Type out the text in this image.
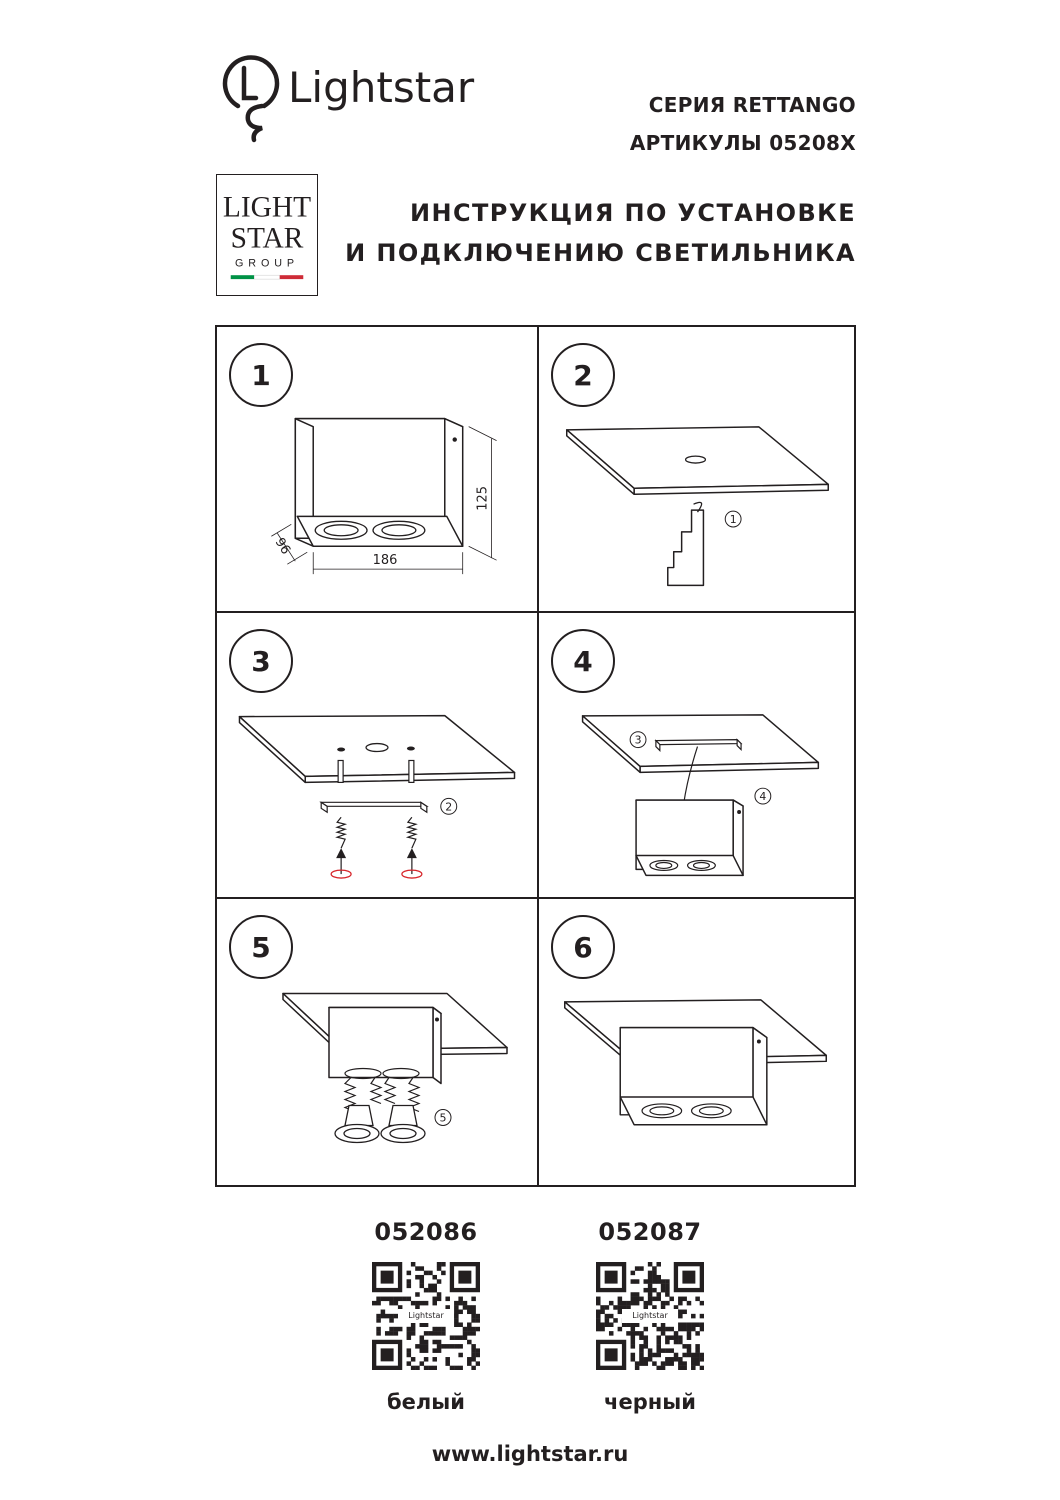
Lightstar	СЕРИЯ RETTANGO
АРТИКУЛЫ 05208Х
LIGHT
STAR
GROUP
ИНСТРУКЦИЯ ПО УСТАНОВКЕ
И ПОДКЛЮЧЕНИЮ СВЕТИЛЬНИКА
1
186
125
96
2
1
3
2
4
3
4
5
5
6
052086
Lightstar
белый
052087
Lightstar
черный
www.lightstar.ru
